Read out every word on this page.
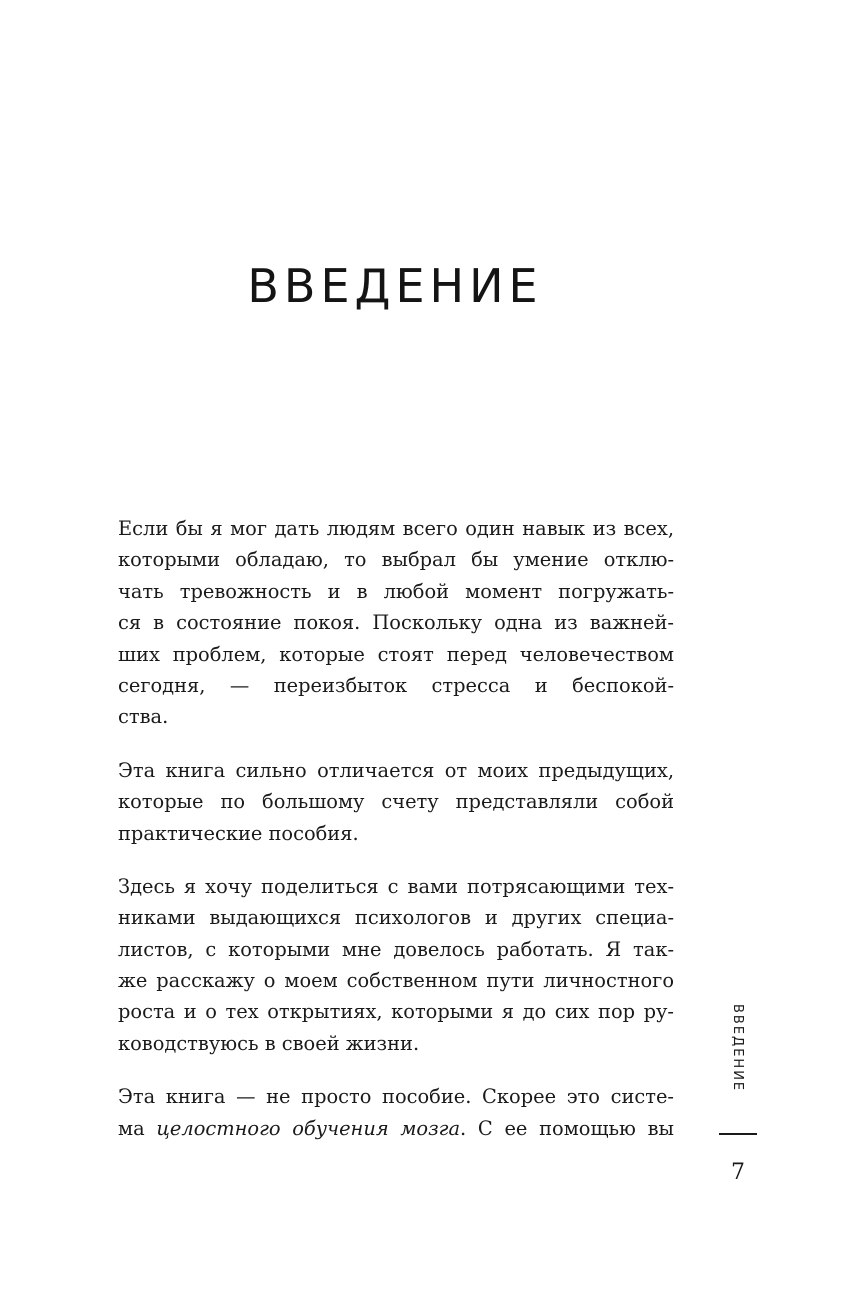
ВВЕДЕНИЕ
Если бы я мог дать людям всего один навык из всех,
которыми обладаю, то выбрал бы умение отклю-
чать тревожность и в любой момент погружать-
ся в состояние покоя. Поскольку одна из важней-
ших проблем, которые стоят перед человечеством
сегодня, — переизбыток стресса и беспокой-
ства.
Эта книга сильно отличается от моих предыдущих,
которые по большому счету представляли собой
практические пособия.
Здесь я хочу поделиться с вами потрясающими тех-
никами выдающихся психологов и других специа-
листов, с которыми мне довелось работать. Я так-
же расскажу о моем собственном пути личностного
роста и о тех открытиях, которыми я до сих пор ру-
ководствуюсь в своей жизни.
Эта книга — не просто пособие. Скорее это систе-
ма целостного обучения мозга. С ее помощью вы
ВВЕДЕНИЕ
7
